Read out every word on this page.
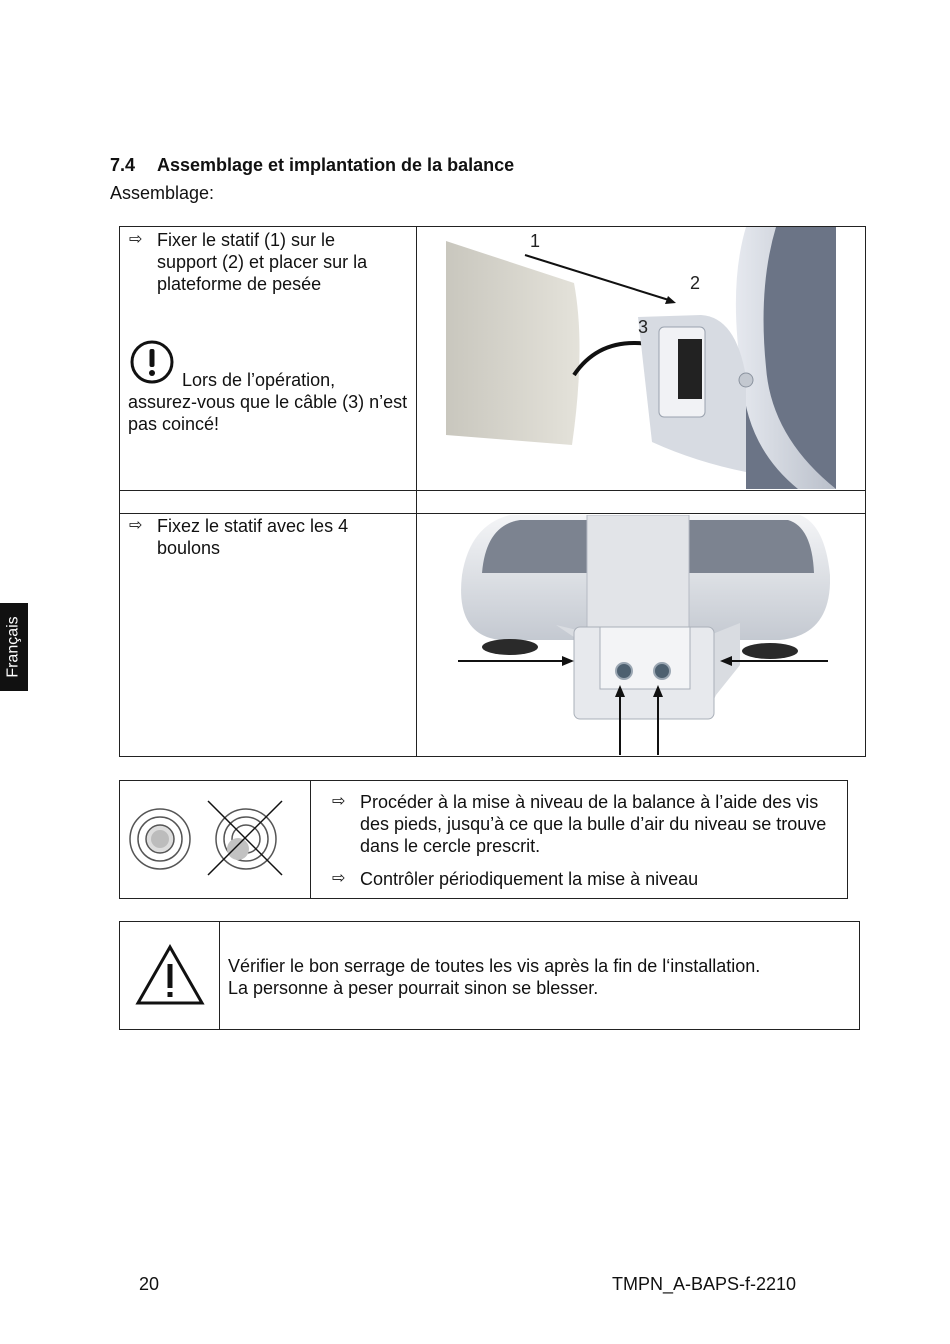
Français
7.4 Assemblage et implantation de la balance
Assemblage:
⇨ Fixer le statif (1) sur le support (2) et placer sur la plateforme de pesée
Lors de l’opération,
assurez-vous que le câble (3) n’est pas coincé!
1
2
3
⇨ Fixez le statif avec les 4 boulons
⇨ Procéder à la mise à niveau de la balance à l’aide des vis des pieds, jusqu’à ce que la bulle d’air du niveau se trouve dans le cercle prescrit.
⇨ Contrôler périodiquement la mise à niveau
Vérifier le bon serrage de toutes les vis après la fin de l‘installation.
La personne à peser pourrait sinon se blesser.
20	TMPN_A-BAPS-f-2210
